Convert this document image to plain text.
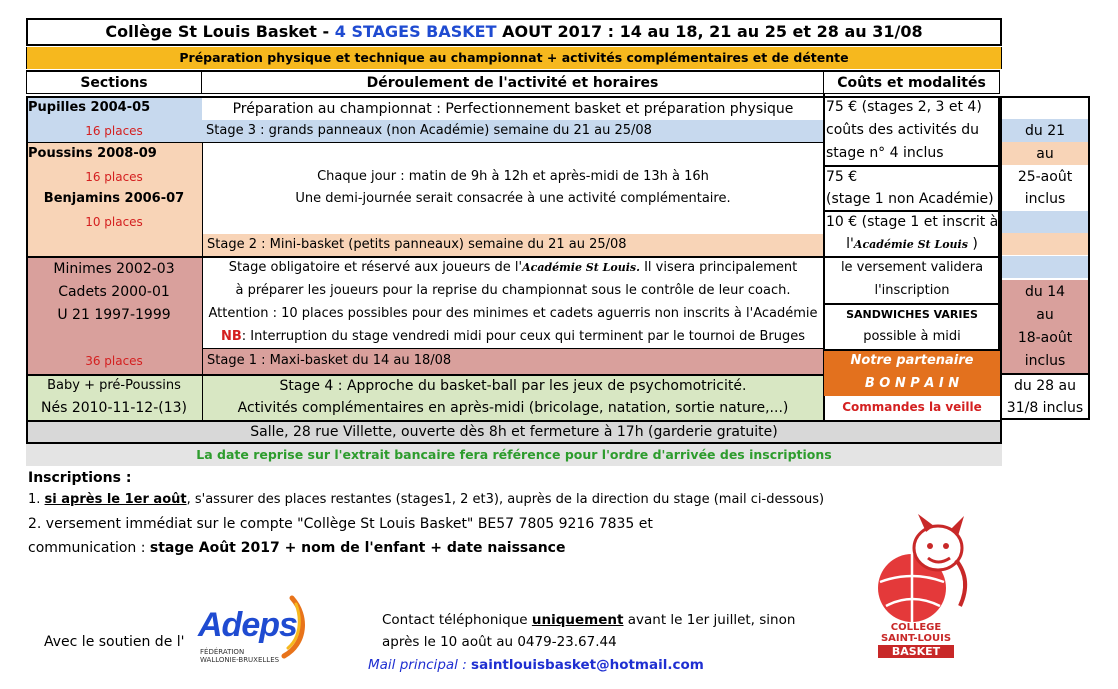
Collège St Louis Basket - 4 STAGES BASKET AOUT 2017 : 14 au 18, 21 au 25 et 28 au 31/08
Préparation physique et technique au championnat + activités complémentaires et de détente
Sections	Déroulement de l'activité et horaires	Coûts et modalités
Pupilles 2004-05
16 places
Préparation au championnat : Perfectionnement basket et préparation physique
Stage 3 : grands panneaux (non Académie) semaine du 21 au 25/08
Poussins 2008-09
16 places
Benjamins 2006-07
10 places
Chaque jour : matin de 9h à 12h et après-midi de 13h à 16h
Une demi-journée serait consacrée à une activité complémentaire.
Stage 2 : Mini-basket (petits panneaux) semaine du 21 au 25/08
Minimes 2002-03
Cadets 2000-01
U 21 1997-1999
36 places
Stage obligatoire et réservé aux joueurs de l'Académie St Louis. Il visera principalement
à préparer les joueurs pour la reprise du championnat sous le contrôle de leur coach.
Attention : 10 places possibles pour des minimes et cadets aguerris non inscrits à l'Académie
NB: Interruption du stage vendredi midi pour ceux qui terminent par le tournoi de Bruges
Stage 1 : Maxi-basket du 14 au 18/08
Baby + pré-Poussins
Nés 2010-11-12-(13)
Stage 4 : Approche du basket-ball par les jeux de psychomotricité.
Activités complémentaires en après-midi (bricolage, natation, sortie nature,...)
75 € (stages 2, 3 et 4)
coûts des activités du
stage n° 4 inclus
75 €
(stage 1 non Académie)
10 € (stage 1 et inscrit à
l'Académie St Louis )
le versement validera
l'inscription
SANDWICHES VARIES
possible à midi
Notre partenaire
B O N P A I N
Commandes la veille
du 21
au
25-août
inclus
du 14
au
18-août
inclus
du 28 au
31/8 inclus
Salle, 28 rue Villette, ouverte dès 8h et fermeture à 17h (garderie gratuite)
La date reprise sur l'extrait bancaire fera référence pour l'ordre d'arrivée des inscriptions
Inscriptions :
1. si après le 1er août, s'assurer des places restantes (stages1, 2 et3), auprès de la direction du stage (mail ci-dessous)
2. versement immédiat sur le compte "Collège St Louis Basket" BE57 7805 9216 7835 et
communication : stage Août 2017 + nom de l'enfant + date naissance
Avec le soutien de l' Adeps
FÉDÉRATION
WALLONIE-BRUXELLES
Contact téléphonique uniquement avant le 1er juillet, sinon
après le 10 août au 0479-23.67.44
Mail principal : saintlouisbasket@hotmail.com
COLLEGE
SAINT-LOUIS
BASKET
